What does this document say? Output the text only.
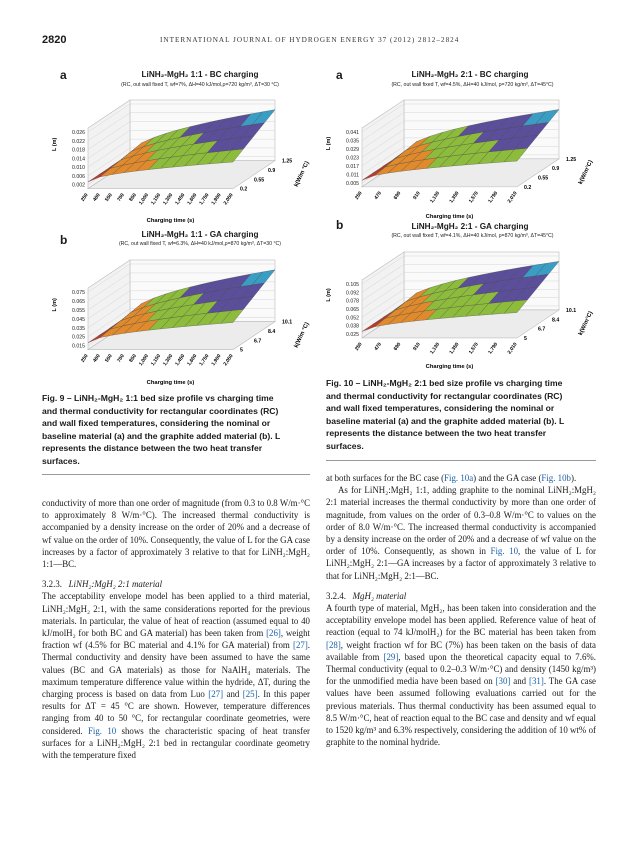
2820	INTERNATIONAL JOURNAL OF HYDROGEN ENERGY 37 (2012) 2812–2824
a	LiNH₂-MgH₂ 1:1 - BC charging
(RC, out wall fixed T, wf=7%, ΔH=40 kJ/mol,ρ=720 kg/m³, ΔT=30 °C)
0.026
0.022
0.018
0.014
0.010
0.006
0.002
L (m)
250 400 550 700 850 1,000 1,150 1,300 1,450 1,600 1,750 1,900 2,050
Charging time (s)
1.25
0.9
0.55
0.2
k(W/m °C)
b	LiNH₂-MgH₂ 1:1 - GA charging
(RC, out wall fixed T, wf=6.3%, ΔH=40 kJ/mol,ρ=870 kg/m³, ΔT=30 °C)
0.075
0.065
0.055
0.045
0.035
0.025
0.015
L (m)
250 400 550 700 850 1,000 1,150 1,300 1,450 1,600 1,750 1,900 2,050
Charging time (s)
10.1
8.4
6.7
5
k(W/m °C)
a	LiNH₂-MgH₂ 2:1 - BC charging
(RC, out wall fixed T, wf=4.5%, ΔH=40 kJ/mol, ρ=720 kg/m³, ΔT=45°C)
0.041
0.035
0.029
0.023
0.017
0.011
0.005
L (m)
250 470 690 910 1,130 1,350 1,570 1,790 2,010
Charging time (s)
1.25
0.9
0.55
0.2
k(W/m°C)
b	LiNH₂-MgH₂ 2:1 - GA charging
(RC, out wall fixed T, wf=4.1%, ΔH=40 kJ/mol, ρ=870 kg/m³, ΔT=45°C)
0.105
0.092
0.078
0.065
0.052
0.038
0.025
L (m)
250 470 690 910 1,130 1,350 1,570 1,790 2,010
Charging time (s)
10.1
8.4
6.7
5
k(W/m°C)
Fig. 9 – LiNH₂-MgH₂ 1:1 bed size profile vs charging time
and thermal conductivity for rectangular coordinates (RC)
and wall fixed temperatures, considering the nominal or
baseline material (a) and the graphite added material (b). L
represents the distance between the two heat transfer
surfaces.
Fig. 10 – LiNH₂-MgH₂ 2:1 bed size profile vs charging time
and thermal conductivity for rectangular coordinates (RC)
and wall fixed temperatures, considering the nominal or
baseline material (a) and the graphite added material (b). L
represents the distance between the two heat transfer
surfaces.

conductivity of more than one order of magnitude (from 0.3 to 0.8 W/m·°C to approximately 8 W/m·°C). The increased thermal conductivity is accompanied by a density increase on the order of 20% and a decrease of wf value on the order of 10%. Consequently, the value of L for the GA case increases by a factor of approximately 3 relative to that for LiNH₂:MgH₂ 1:1—BC.

3.2.3. LiNH₂:MgH₂ 2:1 material

The acceptability envelope model has been applied to a third material, LiNH₂:MgH₂ 2:1, with the same considerations reported for the previous materials. In particular, the value of heat of reaction (assumed equal to 40 kJ/molH₂ for both BC and GA material) has been taken from [26], weight fraction wf (4.5% for BC material and 4.1% for GA material) from [27]. Thermal conductivity and density have been assumed to have the same values (BC and GA materials) as those for NaAlH₄ materials. The maximum temperature difference value within the hydride, ΔT, during the charging process is based on data from Luo [27] and [25]. In this paper results for ΔT = 45 °C are shown. However, temperature differences ranging from 40 to 50 °C, for rectangular coordinate geometries, were considered. Fig. 10 shows the characteristic spacing of heat transfer surfaces for a LiNH₂:MgH₂ 2:1 bed in rectangular coordinate geometry with the temperature fixed

at both surfaces for the BC case (Fig. 10a) and the GA case (Fig. 10b).

As for LiNH₂:MgH₂ 1:1, adding graphite to the nominal LiNH₂:MgH₂ 2:1 material increases the thermal conductivity by more than one order of magnitude, from values on the order of 0.3–0.8 W/m·°C to values on the order of 8.0 W/m·°C. The increased thermal conductivity is accompanied by a density increase on the order of 20% and a decrease of wf value on the order of 10%. Consequently, as shown in Fig. 10, the value of L for LiNH₂:MgH₂ 2:1—GA increases by a factor of approximately 3 relative to that for LiNH₂:MgH₂ 2:1—BC.

3.2.4. MgH₂ material

A fourth type of material, MgH₂, has been taken into consideration and the acceptability envelope model has been applied. Reference value of heat of reaction (equal to 74 kJ/molH₂) for the BC material has been taken from [28], weight fraction wf for BC (7%) has been taken on the basis of data available from [29], based upon the theoretical capacity equal to 7.6%. Thermal conductivity (equal to 0.2–0.3 W/m·°C) and density (1450 kg/m³) for the unmodified media have been based on [30] and [31]. The GA case values have been assumed following evaluations carried out for the previous materials. Thus thermal conductivity has been assumed equal to 8.5 W/m·°C, heat of reaction equal to the BC case and density and wf equal to 1520 kg/m³ and 6.3% respectively, considering the addition of 10 wt% of graphite to the nominal hydride.
